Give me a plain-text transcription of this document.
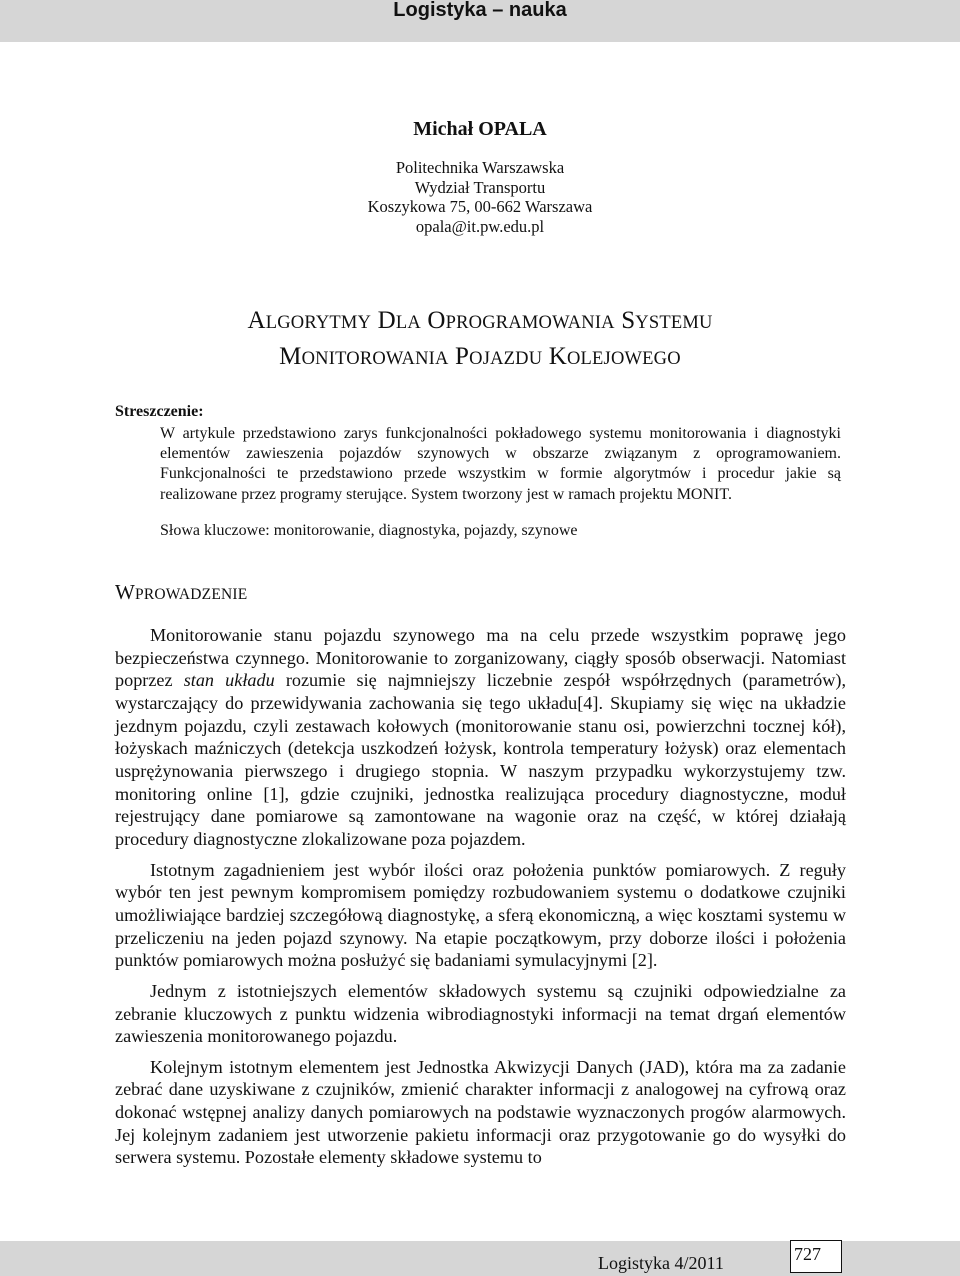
Logistyka – nauka
Michał OPALA
Politechnika Warszawska
Wydział Transportu
Koszykowa 75, 00-662 Warszawa
opala@it.pw.edu.pl
ALGORYTMY DLA OPROGRAMOWANIA SYSTEMU
MONITOROWANIA POJAZDU KOLEJOWEGO
Streszczenie:
W artykule przedstawiono zarys funkcjonalności pokładowego systemu monitorowania i diagnostyki elementów zawieszenia pojazdów szynowych w obszarze związanym z oprogramowaniem. Funkcjonalności te przedstawiono przede wszystkim w formie algorytmów i procedur jakie są realizowane przez programy sterujące. System tworzony jest w ramach projektu MONIT.
Słowa kluczowe: monitorowanie, diagnostyka, pojazdy, szynowe
WPROWADZENIE

Monitorowanie stanu pojazdu szynowego ma na celu przede wszystkim poprawę jego bezpieczeństwa czynnego. Monitorowanie to zorganizowany, ciągły sposób obserwacji. Natomiast poprzez stan układu rozumie się najmniejszy liczebnie zespół współrzędnych (parametrów), wystarczający do przewidywania zachowania się tego układu[4]. Skupiamy się więc na układzie jezdnym pojazdu, czyli zestawach kołowych (monitorowanie stanu osi, powierzchni tocznej kół), łożyskach maźniczych (detekcja uszkodzeń łożysk, kontrola temperatury łożysk) oraz elementach usprężynowania pierwszego i drugiego stopnia. W naszym przypadku wykorzystujemy tzw. monitoring online [1], gdzie czujniki, jednostka realizująca procedury diagnostyczne, moduł rejestrujący dane pomiarowe są zamontowane na wagonie oraz na część, w której działają procedury diagnostyczne zlokalizowane poza pojazdem.

Istotnym zagadnieniem jest wybór ilości oraz położenia punktów pomiarowych. Z reguły wybór ten jest pewnym kompromisem pomiędzy rozbudowaniem systemu o dodatkowe czujniki umożliwiające bardziej szczegółową diagnostykę, a sferą ekonomiczną, a więc kosztami systemu w przeliczeniu na jeden pojazd szynowy. Na etapie początkowym, przy doborze ilości i położenia punktów pomiarowych można posłużyć się badaniami symulacyjnymi [2].

Jednym z istotniejszych elementów składowych systemu są czujniki odpowiedzialne za zebranie kluczowych z punktu widzenia wibrodiagnostyki informacji na temat drgań elementów zawieszenia monitorowanego pojazdu.

Kolejnym istotnym elementem jest Jednostka Akwizycji Danych (JAD), która ma za zadanie zebrać dane uzyskiwane z czujników, zmienić charakter informacji z analogowej na cyfrową oraz dokonać wstępnej analizy danych pomiarowych na podstawie wyznaczonych progów alarmowych. Jej kolejnym zadaniem jest utworzenie pakietu informacji oraz przygotowanie go do wysyłki do serwera systemu. Pozostałe elementy składowe systemu to

Logistyka 4/2011	727
